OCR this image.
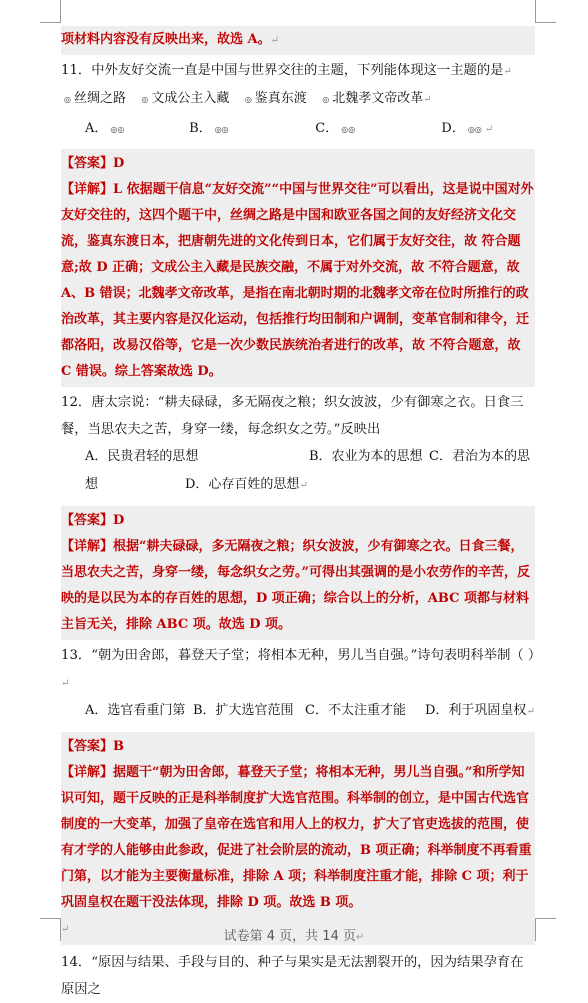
项材料内容没有反映出来，故选 A。↵
11．中外友好交流一直是中国与世界交往的主题，下列能体现这一主题的是↵
◎ 丝绸之路 ◎ 文成公主入藏 ◎ 鉴真东渡 ◎ 北魏孝文帝改革↵
A． ◎◎	B． ◎◎	C． ◎◎	D． ◎◎ ↵
【答案】D
【详解】L 依据题干信息“友好交流”“中国与世界交往”可以看出，这是说中国对外友好交往的，这四个题干中，丝绸之路是中国和欧亚各国之间的友好经济文化交流，鉴真东渡日本，把唐朝先进的文化传到日本，它们属于友好交往，故 符合题意;故 D 正确；文成公主入藏是民族交融，不属于对外交流，故 不符合题意，故 A、B 错误；北魏孝文帝改革，是指在南北朝时期的北魏孝文帝在位时所推行的政治改革，其主要内容是汉化运动，包括推行均田制和户调制，变革官制和律令，迁都洛阳，改易汉俗等，它是一次少数民族统治者进行的改革，故 不符合题意，故 C 错误。综上答案故选 D。
12．唐太宗说：“耕夫碌碌，多无隔夜之粮；织女波波，少有御寒之衣。日食三餐，当思农夫之苦，身穿一缕，每念织女之劳。”反映出
A．民贵君轻的思想	B．农业为本的思想 C．君治为本的思
想	D．心存百姓的思想↵
【答案】D
【详解】根据“耕夫碌碌，多无隔夜之粮；织女波波，少有御寒之衣。日食三餐，当思农夫之苦，身穿一缕，每念织女之劳。”可得出其强调的是小农劳作的辛苦，反映的是以民为本的存百姓的思想，D 项正确；综合以上的分析，ABC 项都与材料主旨无关，排除 ABC 项。故选 D 项。
13．“朝为田舍郎，暮登天子堂；将相本无种，男儿当自强。”诗句表明科举制（ ）↵
A．选官看重门第 B．扩大选官范围 C．不太注重才能 D．利于巩固皇权↵
【答案】B
【详解】据题干“朝为田舍郎，暮登天子堂；将相本无种，男儿当自强。”和所学知识可知，题干反映的正是科举制度扩大选官范围。科举制的创立，是中国古代选官制度的一大变革，加强了皇帝在选官和用人上的权力，扩大了官吏选拔的范围，使有才学的人能够由此参政，促进了社会阶层的流动，B 项正确；科举制度不再看重门第，以才能为主要衡量标准，排除 A 项；科举制度注重才能，排除 C 项；利于巩固皇权在题干没法体现，排除 D 项。故选 B 项。
↵
14．“原因与结果、手段与目的、种子与果实是无法割裂开的，因为结果孕育在原因之
试卷第 4 页，共 14 页↵
